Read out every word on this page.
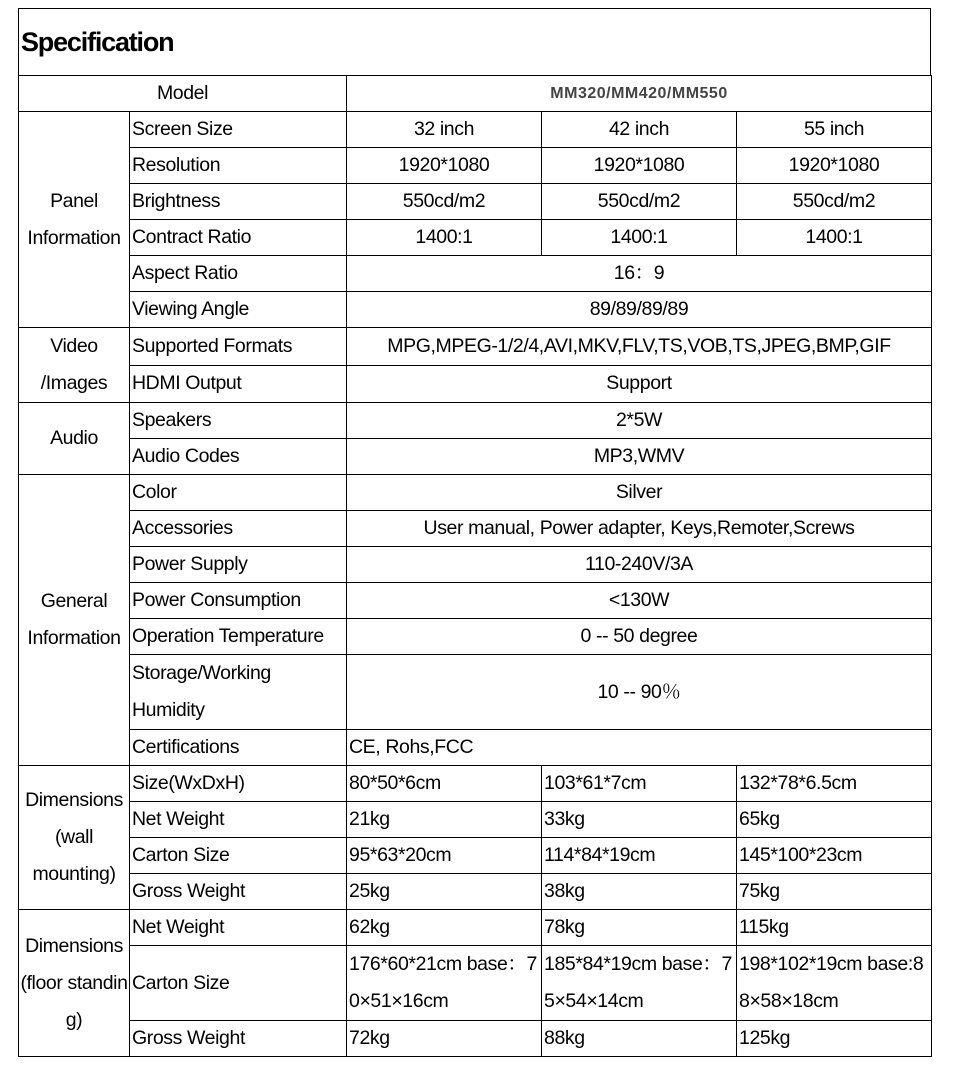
Specification
Model		MM320/MM420/MM550		
Panel Information	Screen Size	32 inch	42 inch	55 inch
	Resolution	1920*1080	1920*1080	1920*1080
	Brightness	550cd/m2	550cd/m2	550cd/m2
	Contract Ratio	1400:1	1400:1	1400:1
	Aspect Ratio	16：9		
	Viewing Angle	89/89/89/89		
Video /Images	Supported Formats	MPG,MPEG-1/2/4,AVI,MKV,FLV,TS,VOB,TS,JPEG,BMP,GIF		
	HDMI Output	Support		
Audio	Speakers	2*5W		
	Audio Codes	MP3,WMV		
General Information	Color	Silver		
	Accessories	User manual, Power adapter, Keys,Remoter,Screws		
	Power Supply	110-240V/3A		
	Power Consumption	<130W		
	Operation Temperature	0 -- 50 degree		
	Storage/Working Humidity	10 -- 90％		
	Certifications	CE, Rohs,FCC		
Dimensions (wall mounting)	Size(WxDxH)	80*50*6cm	103*61*7cm	132*78*6.5cm
	Net Weight	21kg	33kg	65kg
	Carton Size	95*63*20cm	114*84*19cm	145*100*23cm
	Gross Weight	25kg	38kg	75kg
Dimensions(floor standing)	Net Weight	62kg	78kg	115kg
	Carton Size	176*60*21cm base：70×51×16cm	185*84*19cm base：75×54×14cm	198*102*19cm base:88×58×18cm
	Gross Weight	72kg	88kg	125kg
